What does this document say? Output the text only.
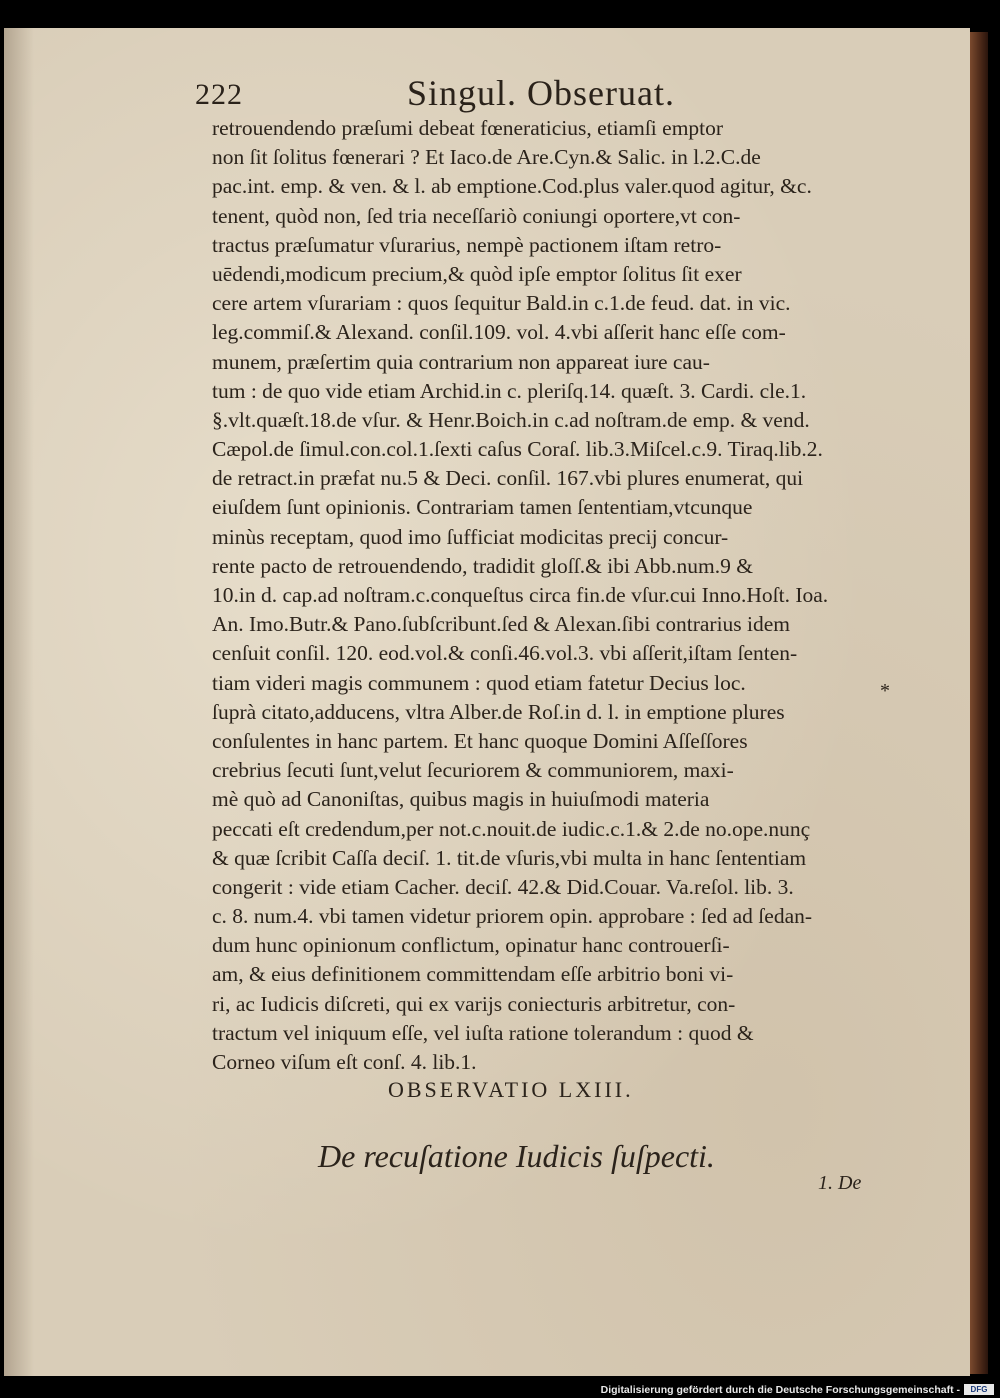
222	Singul. Obseruat.
retrouendendo præſumi debeat fœneraticius, etiamſi emptor
non ſit ſolitus fœnerari ? Et Iaco.de Are.Cyn.& Salic. in l.2.C.de
pac.int. emp. & ven. & l. ab emptione.Cod.plus valer.quod agitur, &c.
tenent, quòd non, ſed tria neceſſariò coniungi oportere,vt con-
tractus præſumatur vſurarius, nempè pactionem iſtam retro-
uēdendi,modicum precium,& quòd ipſe emptor ſolitus ſit exer
cere artem vſurariam : quos ſequitur Bald.in c.1.de feud. dat. in vic.
leg.commiſ.& Alexand. conſil.109. vol. 4.vbi aſſerit hanc eſſe com-
munem, præſertim quia contrarium non appareat iure cau-
tum : de quo vide etiam Archid.in c. pleriſq.14. quæſt. 3. Cardi. cle.1.
§.vlt.quæſt.18.de vſur. & Henr.Boich.in c.ad noſtram.de emp. & vend.
Cæpol.de ſimul.con.col.1.ſexti caſus Coraſ. lib.3.Miſcel.c.9. Tiraq.lib.2.
de retract.in præfat nu.5 & Deci. conſil. 167.vbi plures enumerat, qui
eiuſdem ſunt opinionis. Contrariam tamen ſententiam,vtcunque
minùs receptam, quod imo ſufficiat modicitas precij concur-
rente pacto de retrouendendo, tradidit gloſſ.& ibi Abb.num.9 &
10.in d. cap.ad noſtram.c.conqueſtus circa fin.de vſur.cui Inno.Hoſt. Ioa.
An. Imo.Butr.& Pano.ſubſcribunt.ſed & Alexan.ſibi contrarius idem
cenſuit conſil. 120. eod.vol.& conſi.46.vol.3. vbi aſſerit,iſtam ſenten-
tiam videri magis communem : quod etiam fatetur Decius loc.
ſuprà citato,adducens, vltra Alber.de Roſ.in d. l. in emptione plures
conſulentes in hanc partem. Et hanc quoque Domini Aſſeſſores
crebrius ſecuti ſunt,velut ſecuriorem & communiorem, maxi-
mè quò ad Canoniſtas, quibus magis in huiuſmodi materia
peccati eſt credendum,per not.c.nouit.de iudic.c.1.& 2.de no.ope.nunç
& quæ ſcribit Caſſa deciſ. 1. tit.de vſuris,vbi multa in hanc ſententiam
congerit : vide etiam Cacher. deciſ. 42.& Did.Couar. Va.reſol. lib. 3.
c. 8. num.4. vbi tamen videtur priorem opin. approbare : ſed ad ſedan-
dum hunc opinionum conflictum, opinatur hanc controuerſi-
am, & eius definitionem committendam eſſe arbitrio boni vi-
ri, ac Iudicis diſcreti, qui ex varijs coniecturis arbitretur, con-
tractum vel iniquum eſſe, vel iuſta ratione tolerandum : quod &
Corneo viſum eſt conſ. 4. lib.1.
*
OBSERVATIO LXIII.
De recuſatione Iudicis ſuſpecti.
1. De
Digitalisierung gefördert durch die Deutsche Forschungsgemeinschaft -	DFG
